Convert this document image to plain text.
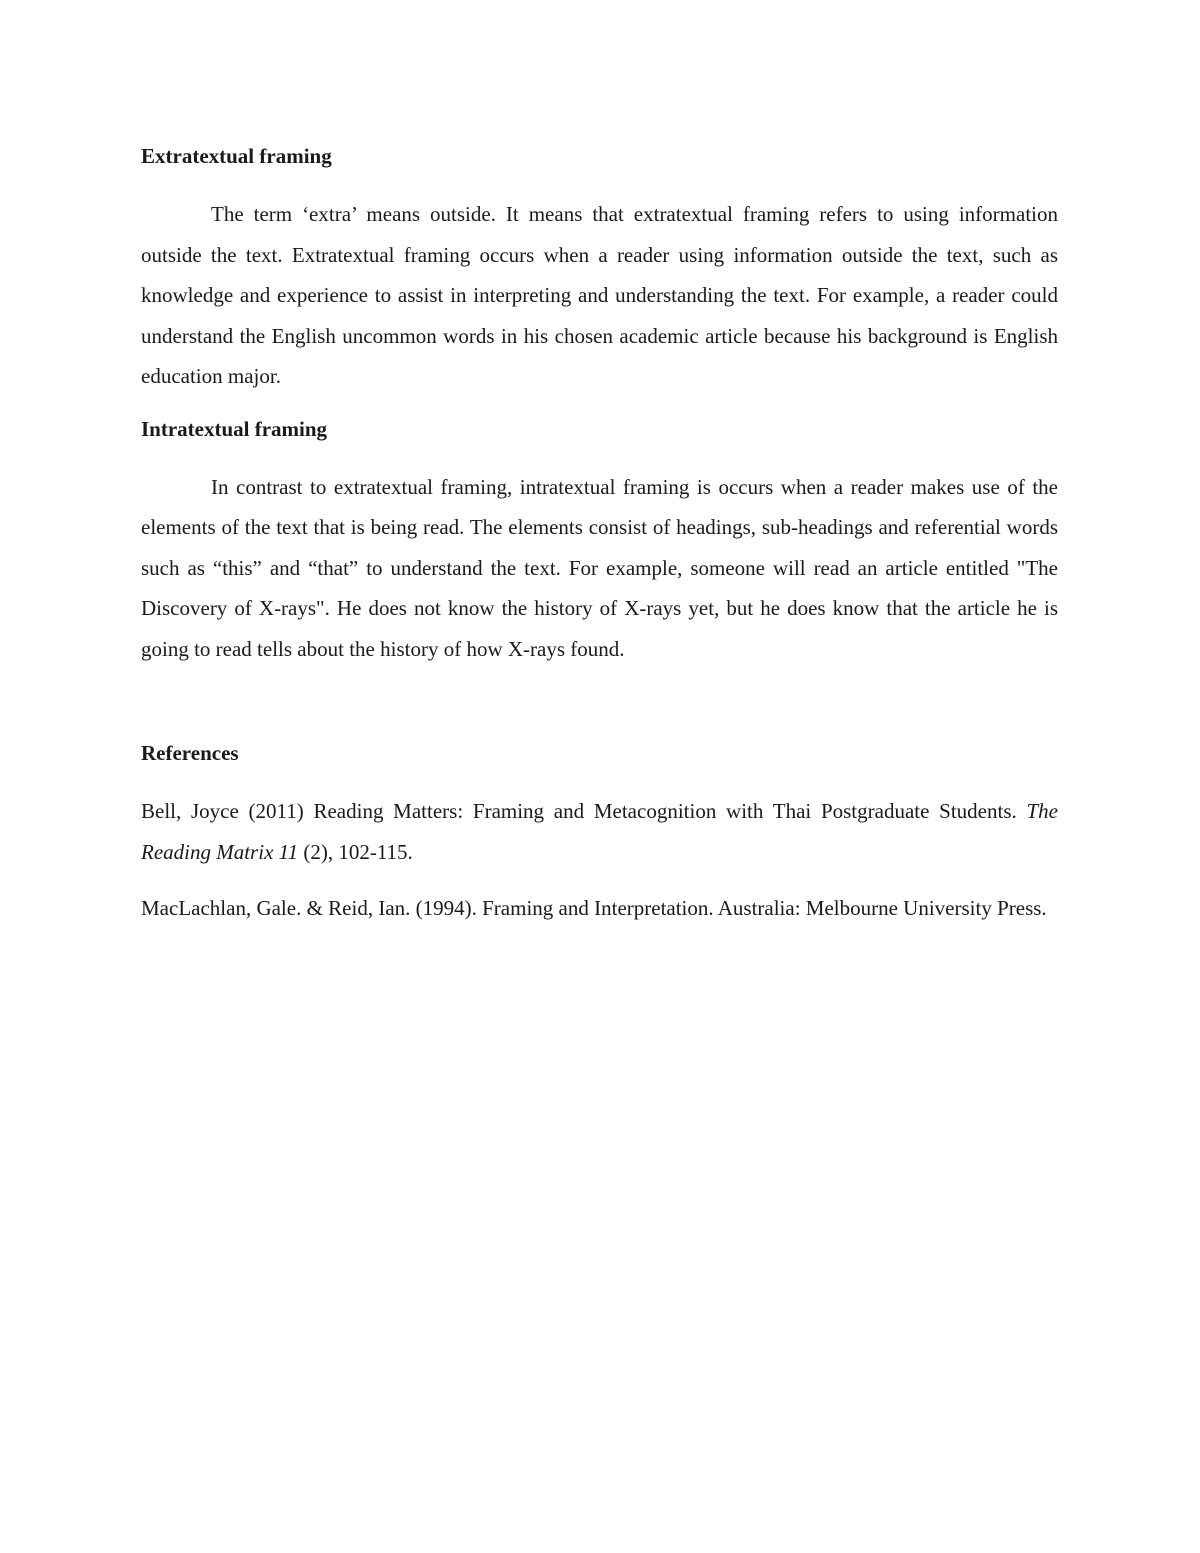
Extratextual framing

The term ‘extra’ means outside. It means that extratextual framing refers to using information outside the text. Extratextual framing occurs when a reader using information outside the text, such as knowledge and experience to assist in interpreting and understanding the text. For example, a reader could understand the English uncommon words in his chosen academic article because his background is English education major.

Intratextual framing

In contrast to extratextual framing, intratextual framing is occurs when a reader makes use of the elements of the text that is being read. The elements consist of headings, sub-headings and referential words such as “this” and “that” to understand the text. For example, someone will read an article entitled "The Discovery of X-rays". He does not know the history of X-rays yet, but he does know that the article he is going to read tells about the history of how X-rays found.

References

Bell, Joyce (2011) Reading Matters: Framing and Metacognition with Thai Postgraduate Students. The Reading Matrix 11 (2), 102-115.

MacLachlan, Gale. & Reid, Ian. (1994). Framing and Interpretation. Australia: Melbourne University Press.
